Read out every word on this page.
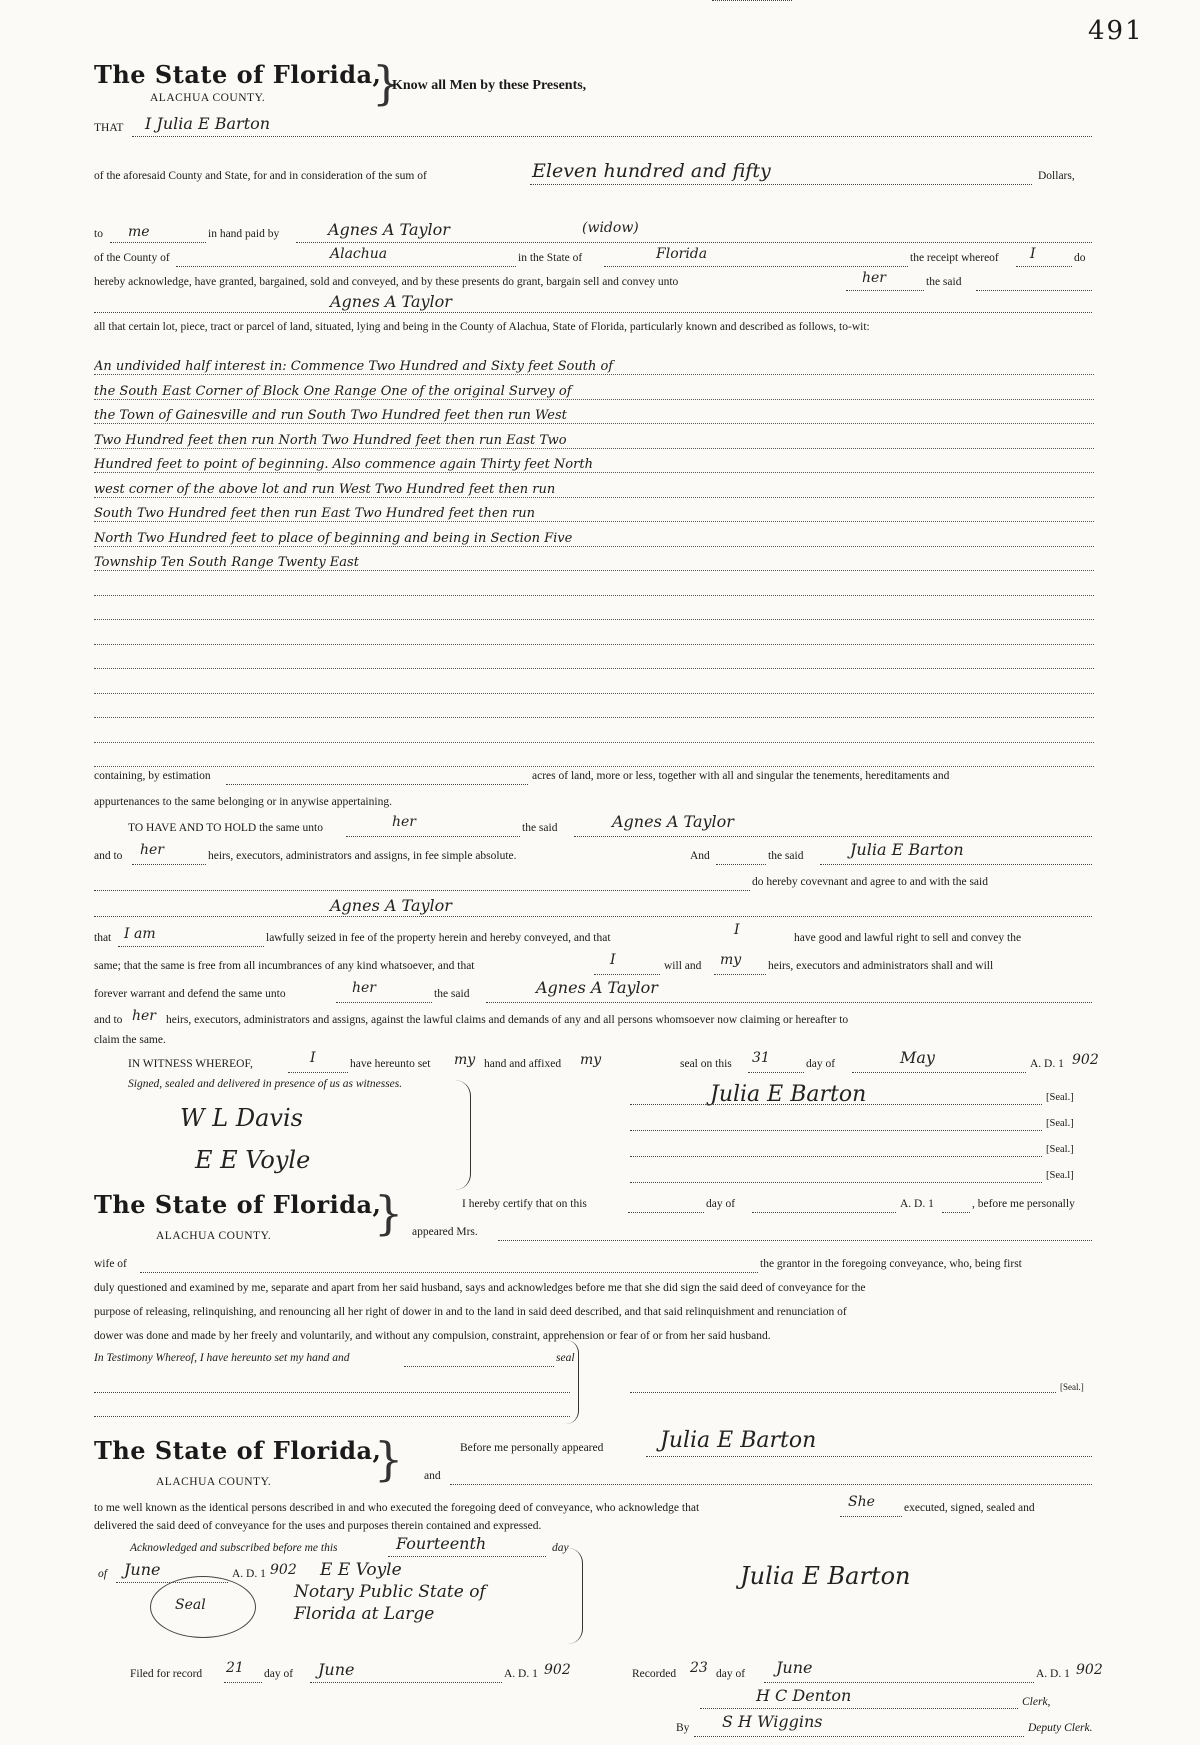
491
The State of Florida,
}
Know all Men by these Presents,
ALACHUA COUNTY.
THAT I Julia E Barton
of the aforesaid County and State, for and in consideration of the sum of	Eleven hundred and fifty	Dollars,
to me	in hand paid by	Agnes A Taylor	(widow)
of the County of	Alachua	in the State of	Florida	the receipt whereof I	do
hereby acknowledge, have granted, bargained, sold and conveyed, and by these presents do grant, bargain sell and convey unto	her	the said
Agnes A Taylor
all that certain lot, piece, tract or parcel of land, situated, lying and being in the County of Alachua, State of Florida, particularly known and described as follows, to-wit:
An undivided half interest in: Commence Two Hundred and Sixty feet South of
the South East Corner of Block One Range One of the original Survey of
the Town of Gainesville and run South Two Hundred feet then run West
Two Hundred feet then run North Two Hundred feet then run East Two
Hundred feet to point of beginning. Also commence again Thirty feet North
west corner of the above lot and run West Two Hundred feet then run
South Two Hundred feet then run East Two Hundred feet then run
North Two Hundred feet to place of beginning and being in Section Five
Township Ten South Range Twenty East
containing, by estimation	acres of land, more or less, together with all and singular the tenements, hereditaments and
appurtenances to the same belonging or in anywise appertaining.
TO HAVE AND TO HOLD the same unto	her	the said	Agnes A Taylor
and to her	heirs, executors, administrators and assigns, in fee simple absolute.	And	the said	Julia E Barton
do hereby covevnant and agree to and with the said
Agnes A Taylor
that I am	lawfully seized in fee of the property herein and hereby conveyed, and that	I	have good and lawful right to sell and convey the
same; that the same is free from all incumbrances of any kind whatsoever, and that	I	will and my heirs, executors and administrators shall and will
forever warrant and defend the same unto	her	the said	Agnes A Taylor
and to her heirs, executors, administrators and assigns, against the lawful claims and demands of any and all persons whomsoever now claiming or hereafter to
claim the same.
IN WITNESS WHEREOF,	I	have hereunto set my hand and affixed my	seal on this 31	day of	May	A. D. 1 902
Signed, sealed and delivered in presence of us as witnesses.
W L Davis
E E Voyle
Julia E Barton	[Seal.]
[Seal.]
[Seal.]
[Sea.l]
The State of Florida,
}
ALACHUA COUNTY.
I hereby certify that on this	day of	A. D. 1	, before me personally
appeared Mrs.
wife of	the grantor in the foregoing conveyance, who, being first
duly questioned and examined by me, separate and apart from her said husband, says and acknowledges before me that she did sign the said deed of conveyance for the
purpose of releasing, relinquishing, and renouncing all her right of dower in and to the land in said deed described, and that said relinquishment and renunciation of
dower was done and made by her freely and voluntarily, and without any compulsion, constraint, apprehension or fear of or from her said husband.
In Testimony Whereof, I have hereunto set my hand and	seal
[Seal.]
The State of Florida,
}
ALACHUA COUNTY.
Before me personally appeared	Julia E Barton
and
to me well known as the identical persons described in and who executed the foregoing deed of conveyance, who acknowledge that	She	executed, signed, sealed and
delivered the said deed of conveyance for the uses and purposes therein contained and expressed.
Acknowledged and subscribed before me this	Fourteenth	day
of June	A. D. 1 902 E E Voyle
Notary Public State of
Florida at Large
Seal
Julia E Barton
Filed for record 21 day of June	A. D. 1 902	Recorded 23 day of June	A. D. 1 902
H C Denton	Clerk,
By S H Wiggins	Deputy Clerk.
